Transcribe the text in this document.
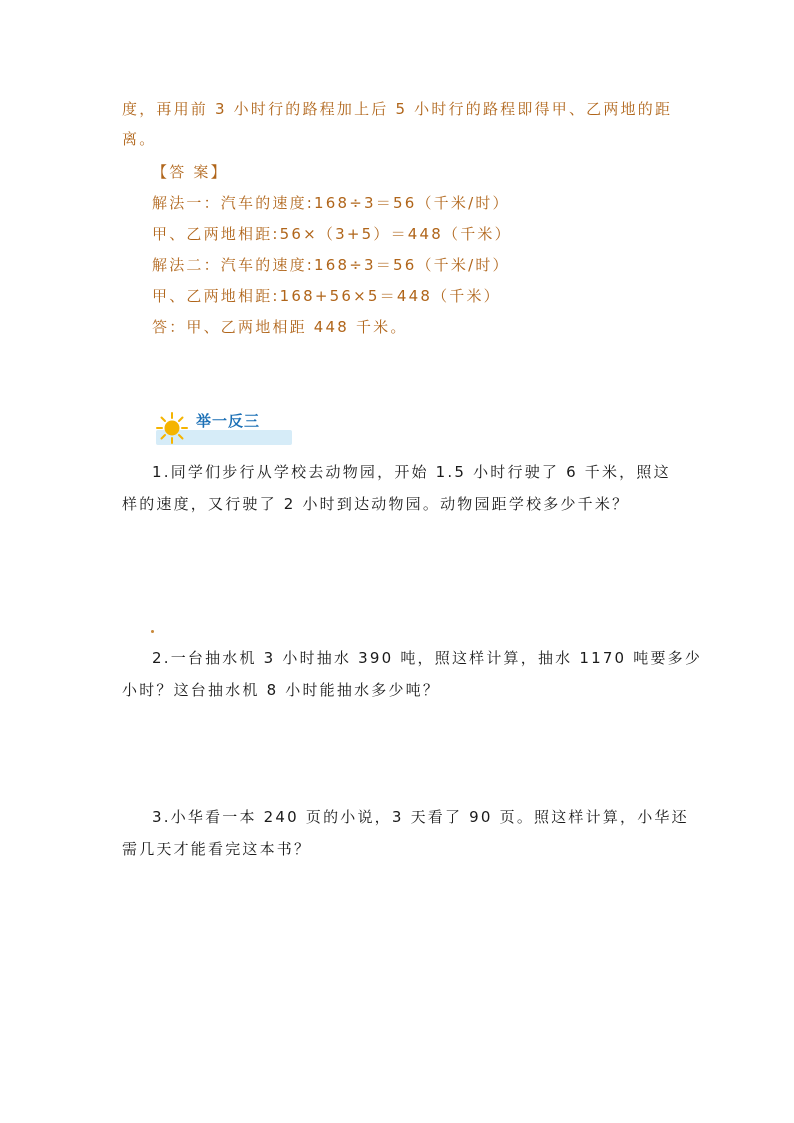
度，再用前 3 小时行的路程加上后 5 小时行的路程即得甲、乙两地的距
离。
【答 案】
解法一：汽车的速度:168÷3＝56（千米/时）
甲、乙两地相距:56×（3+5）＝448（千米）
解法二：汽车的速度:168÷3＝56（千米/时）
甲、乙两地相距:168+56×5＝448（千米）
答：甲、乙两地相距 448 千米。
举一反三
1.同学们步行从学校去动物园，开始 1.5 小时行驶了 6 千米，照这
样的速度，又行驶了 2 小时到达动物园。动物园距学校多少千米？
2.一台抽水机 3 小时抽水 390 吨，照这样计算，抽水 1170 吨要多少
小时？这台抽水机 8 小时能抽水多少吨？
3.小华看一本 240 页的小说，3 天看了 90 页。照这样计算，小华还
需几天才能看完这本书？
